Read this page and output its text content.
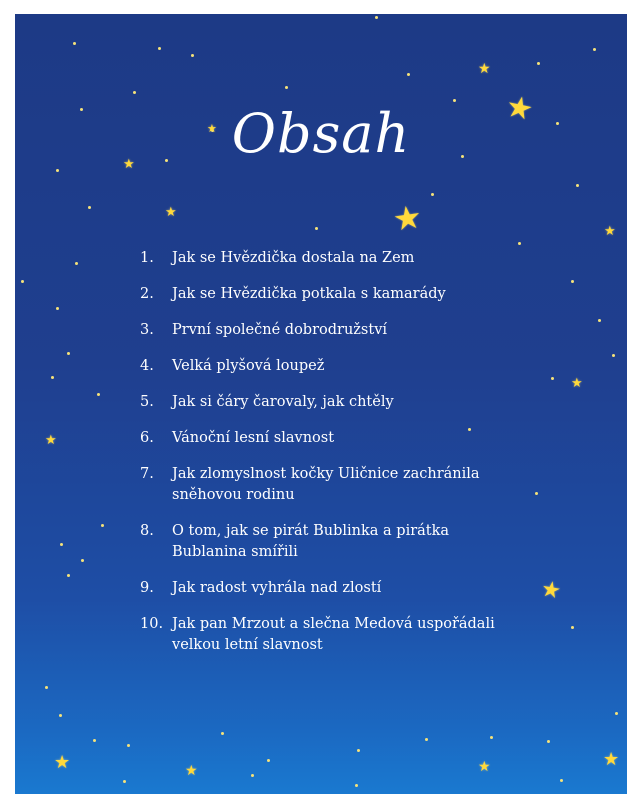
★
★
★
★
★
★
★
★
★
★
★	★	★	★
Obsah
1.	Jak se Hvězdička dostala na Zem
2.	Jak se Hvězdička potkala s kamarády
3.	První společné dobrodružství
4.	Velká plyšová loupež
5.	Jak si čáry čarovaly, jak chtěly
6.	Vánoční lesní slavnost
7.	Jak zlomyslnost kočky Uličnice zachránila sněhovou rodinu
8.	O tom, jak se pirát Bublinka a pirátka Bublanina smířili
9.	Jak radost vyhrála nad zlostí
10. Jak pan Mrzout a slečna Medová uspořádali velkou letní slavnost
